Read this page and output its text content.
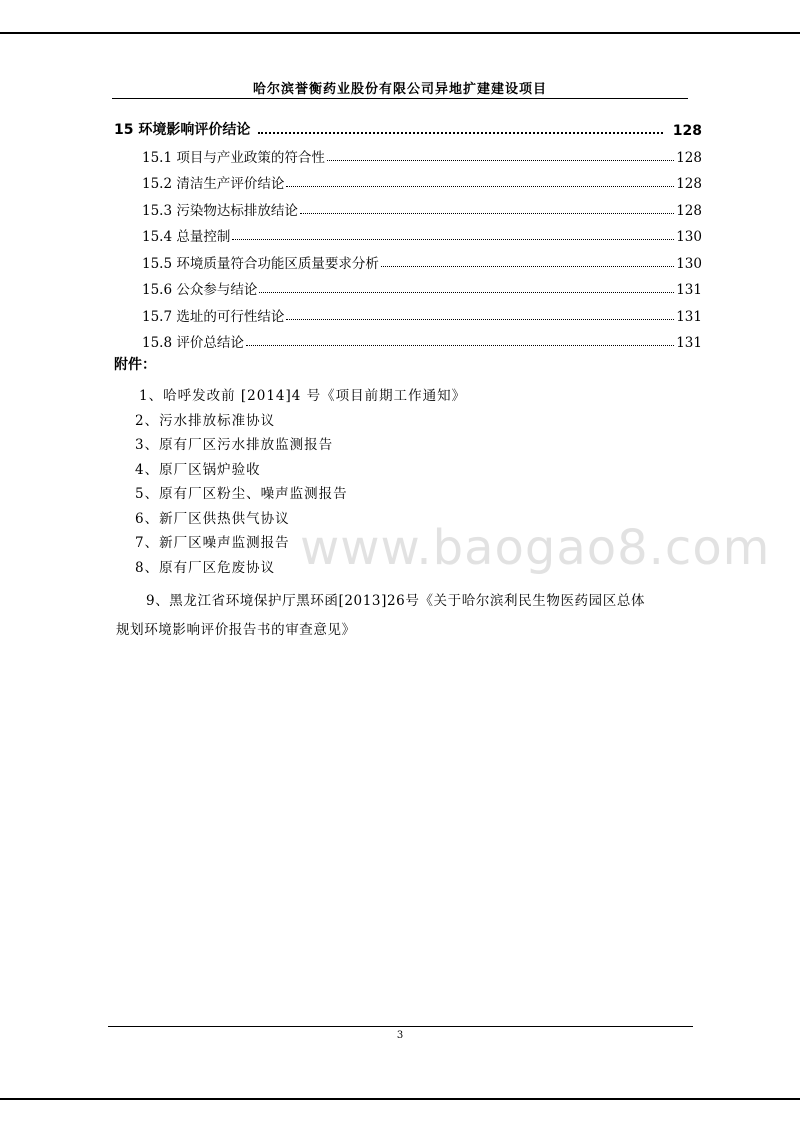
哈尔滨誉衡药业股份有限公司异地扩建建设项目
15 环境影响评价结论	128
15.1 项目与产业政策的符合性	128
15.2 清洁生产评价结论	128
15.3 污染物达标排放结论	128
15.4 总量控制	130
15.5 环境质量符合功能区质量要求分析	130
15.6 公众参与结论	131
15.7 选址的可行性结论	131
15.8 评价总结论	131
附件：
1、哈呼发改前 [2014]4 号《项目前期工作通知》
2、污水排放标准协议
3、原有厂区污水排放监测报告
4、原厂区锅炉验收
5、原有厂区粉尘、噪声监测报告
6、新厂区供热供气协议
7、新厂区噪声监测报告
8、原有厂区危废协议
9、黑龙江省环境保护厅黑环函[2013]26号《关于哈尔滨利民生物医药园区总体
规划环境影响评价报告书的审查意见》
www.baogao8.com
3
